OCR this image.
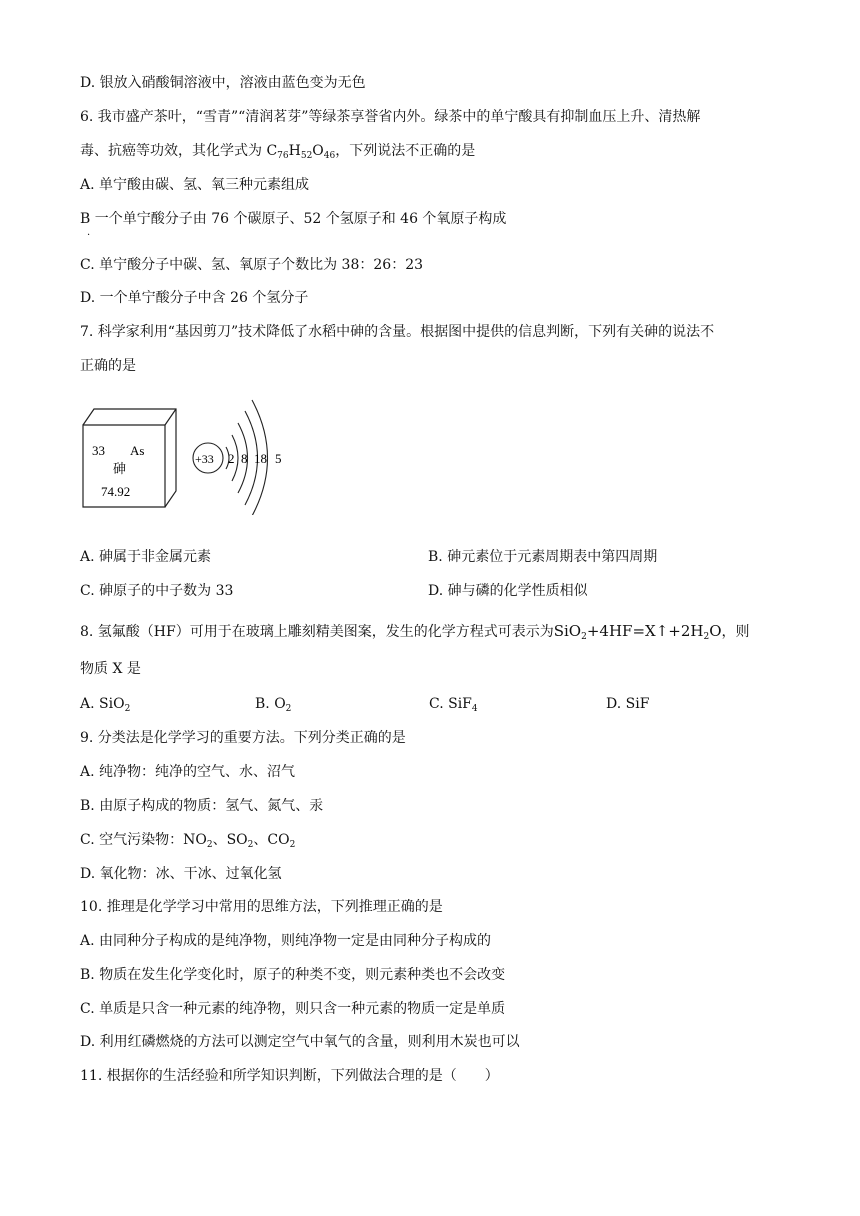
D. 银放入硝酸铜溶液中，溶液由蓝色变为无色
6. 我市盛产茶叶，“雪青”“清润茗芽”等绿茶享誉省内外。绿茶中的单宁酸具有抑制血压上升、清热解
毒、抗癌等功效，其化学式为 $C_{76}H_{52}O_{46}$，下列说法不正确的是
A. 单宁酸由碳、氢、氧三种元素组成
B 一个单宁酸分子由 76 个碳原子、52 个氢原子和 46 个氧原子构成
·
C. 单宁酸分子中碳、氢、氧原子个数比为 38：26：23
D. 一个单宁酸分子中含 26 个氢分子
7. 科学家利用“基因剪刀”技术降低了水稻中砷的含量。根据图中提供的信息判断，下列有关砷的说法不
正确的是
33 As
砷
74.92
+33 2 8 18 5
A. 砷属于非金属元素	B. 砷元素位于元素周期表中第四周期
C. 砷原子的中子数为 33	D. 砷与磷的化学性质相似
8. 氢氟酸（HF）可用于在玻璃上雕刻精美图案，发生的化学方程式可表示为$SiO_2+4HF=X↑+2H_2O$，则
物质 X 是
A. SiO$_2$	B. $O_2$	C. SiF$_4$	D. SiF
9. 分类法是化学学习的重要方法。下列分类正确的是
A. 纯净物：纯净的空气、水、沼气
B. 由原子构成的物质：氢气、氮气、汞
C. 空气污染物：$NO_2$、$SO_2$、$CO_2$
D. 氧化物：冰、干冰、过氧化氢
10. 推理是化学学习中常用的思维方法，下列推理正确的是
A. 由同种分子构成的是纯净物，则纯净物一定是由同种分子构成的
B. 物质在发生化学变化时，原子的种类不变，则元素种类也不会改变
C. 单质是只含一种元素的纯净物，则只含一种元素的物质一定是单质
D. 利用红磷燃烧的方法可以测定空气中氧气的含量，则利用木炭也可以
11. 根据你的生活经验和所学知识判断，下列做法合理的是（　　）
